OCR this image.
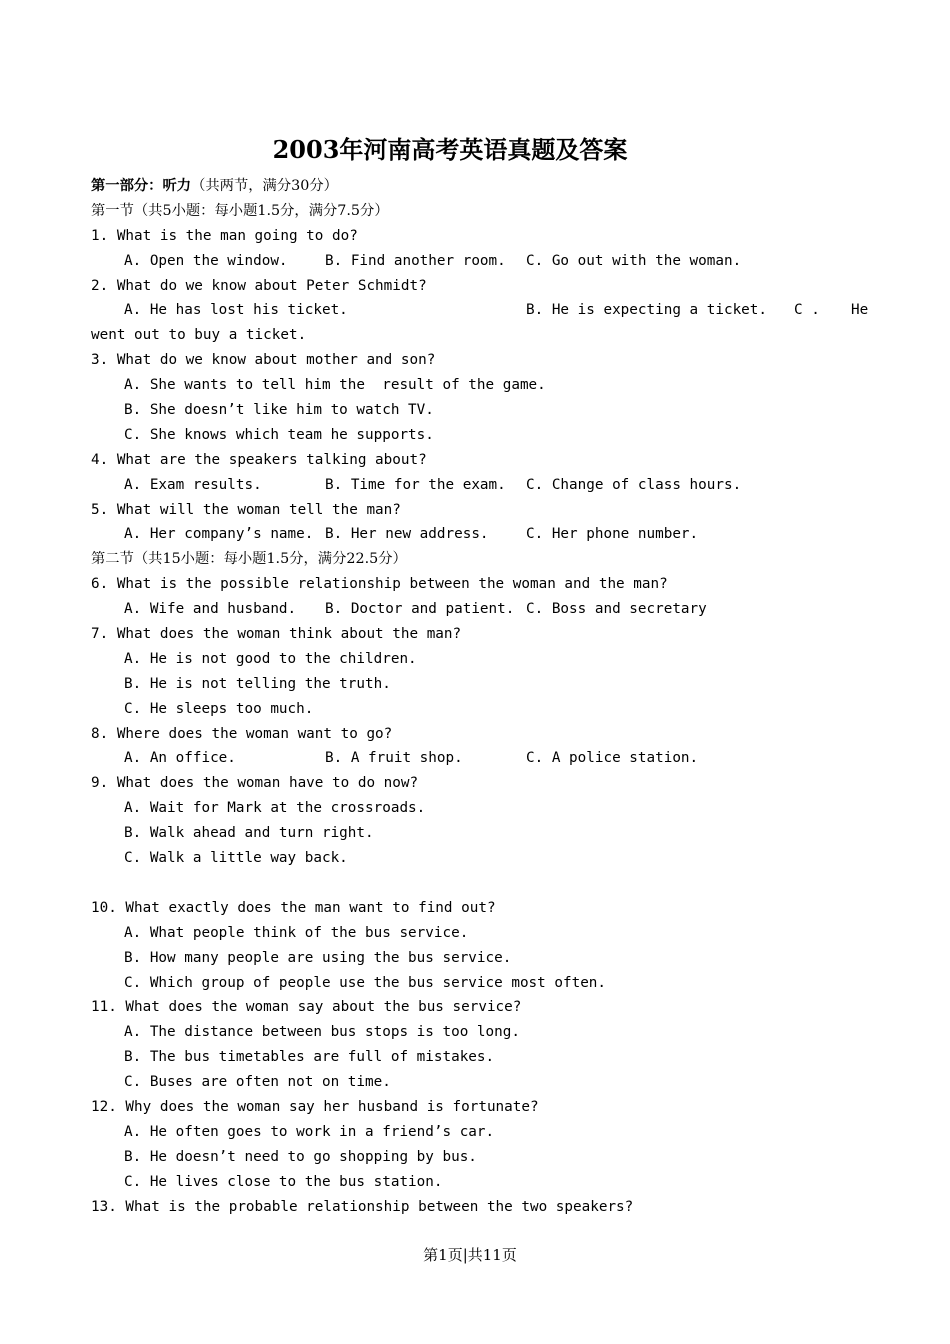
2003年河南高考英语真题及答案
第一部分：听力（共两节，满分30分）
第一节（共5小题：每小题1.5分，满分7.5分）
1. What is the man going to do?

A. Open the window.

	B. Find another room.

C. Go out with the woman.

2. What do we know about Peter Schmidt?

A. He has lost his ticket.

	B. He is expecting a ticket.

C .

He

went out to buy a ticket.
3. What do we know about mother and son?
A. She wants to tell him the  result of the game.
B. She doesn’t like him to watch TV.
C. She knows which team he supports.
4. What are the speakers talking about?

A. Exam results.

	B. Time for the exam.

C. Change of class hours.

5. What will the woman tell the man?

A. Her company’s name.

B. Her new address.

	C. Her phone number.

第二节（共15小题：每小题1.5分，满分22.5分）
6. What is the possible relationship between the woman and the man?

A. Wife and husband.

B. Doctor and patient.

C. Boss and secretary

7. What does the woman think about the man?
A. He is not good to the children.
B. He is not telling the truth.
C. He sleeps too much.
8. Where does the woman want to go?

A. An office.

	B. A fruit shop.

	C. A police station.

9. What does the woman have to do now?
A. Wait for Mark at the crossroads.
B. Walk ahead and turn right.
C. Walk a little way back.
10. What exactly does the man want to find out?
A. What people think of the bus service.
B. How many people are using the bus service.
C. Which group of people use the bus service most often.
11. What does the woman say about the bus service?
A. The distance between bus stops is too long.
B. The bus timetables are full of mistakes.
C. Buses are often not on time.
12. Why does the woman say her husband is fortunate?
A. He often goes to work in a friend’s car.
B. He doesn’t need to go shopping by bus.
C. He lives close to the bus station.
13. What is the probable relationship between the two speakers?
第1页|共11页
